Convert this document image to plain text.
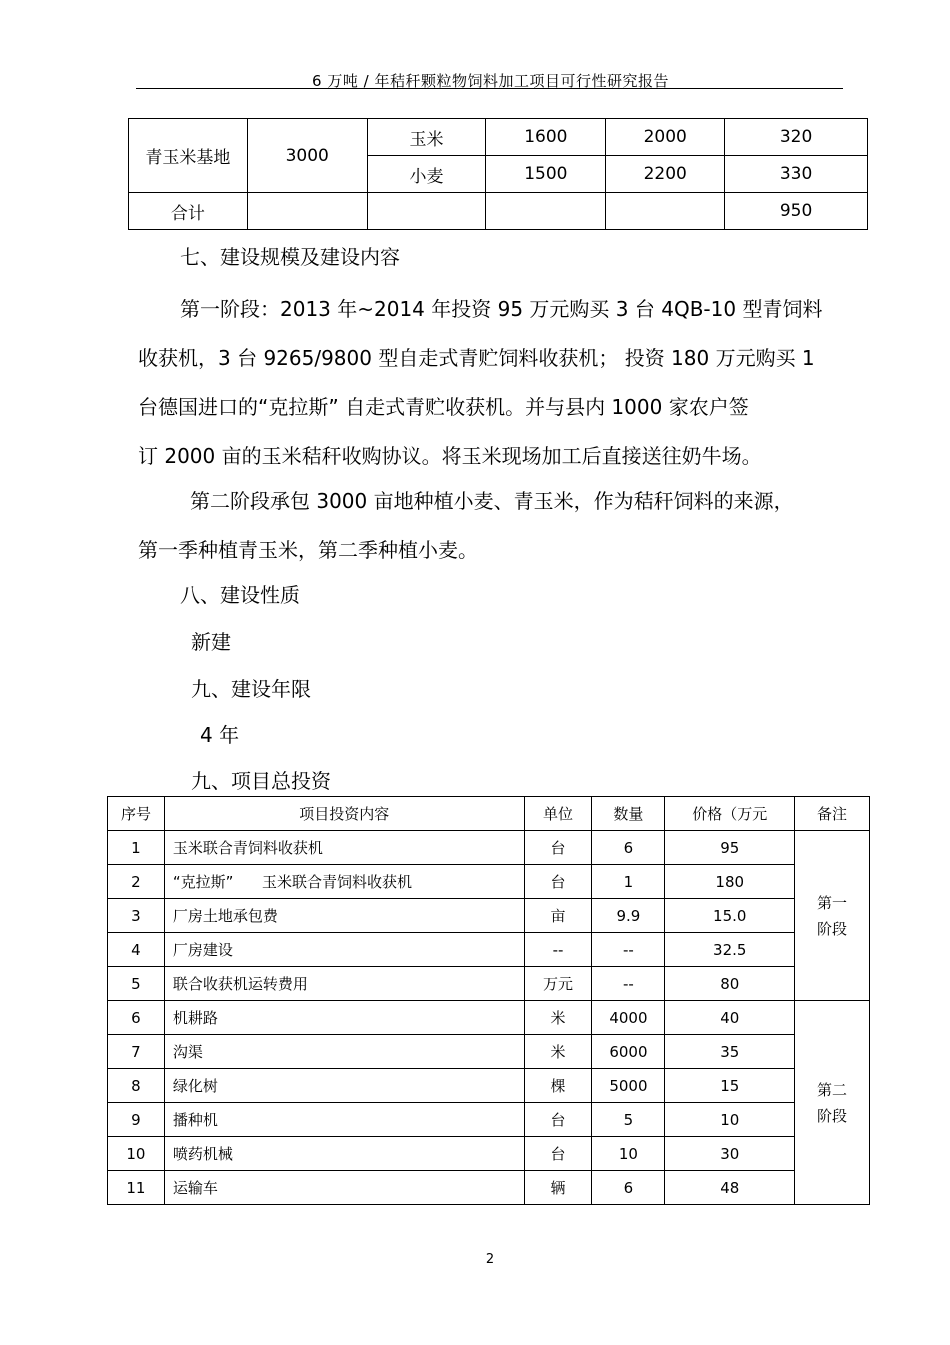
6 万吨 / 年秸秆颗粒物饲料加工项目可行性研究报告
青玉米基地	3000	玉米	1600	2000	320
		小麦	1500	2200	330
合计					950
七、建设规模及建设内容
第一阶段：2013 年~2014 年投资 95 万元购买 3 台 4QB-10 型青饲料
收获机，3 台 9265/9800 型自走式青贮饲料收获机； 投资 180 万元购买 1
台德国进口的“克拉斯” 自走式青贮收获机。并与县内 1000 家农户签
订 2000 亩的玉米秸秆收购协议。将玉米现场加工后直接送往奶牛场。
第二阶段承包 3000 亩地种植小麦、青玉米，作为秸秆饲料的来源，
第一季种植青玉米，第二季种植小麦。
八、建设性质
新建
九、建设年限
4 年
九、项目总投资
序号	项目投资内容	单位	数量	价格（万元	备注
1	玉米联合青饲料收获机	台	6	95	第一
阶段
2	“克拉斯”      玉米联合青饲料收获机	台	1	180	
3	厂房土地承包费	亩	9.9	15.0	
4	厂房建设	--	--	32.5	
5	联合收获机运转费用	万元	--	80	
6	机耕路	米	4000	40	第二
阶段
7	沟渠	米	6000	35	
8	绿化树	棵	5000	15	
9	播种机	台	5	10	
10	喷药机械	台	10	30	
11	运输车	辆	6	48	
2
